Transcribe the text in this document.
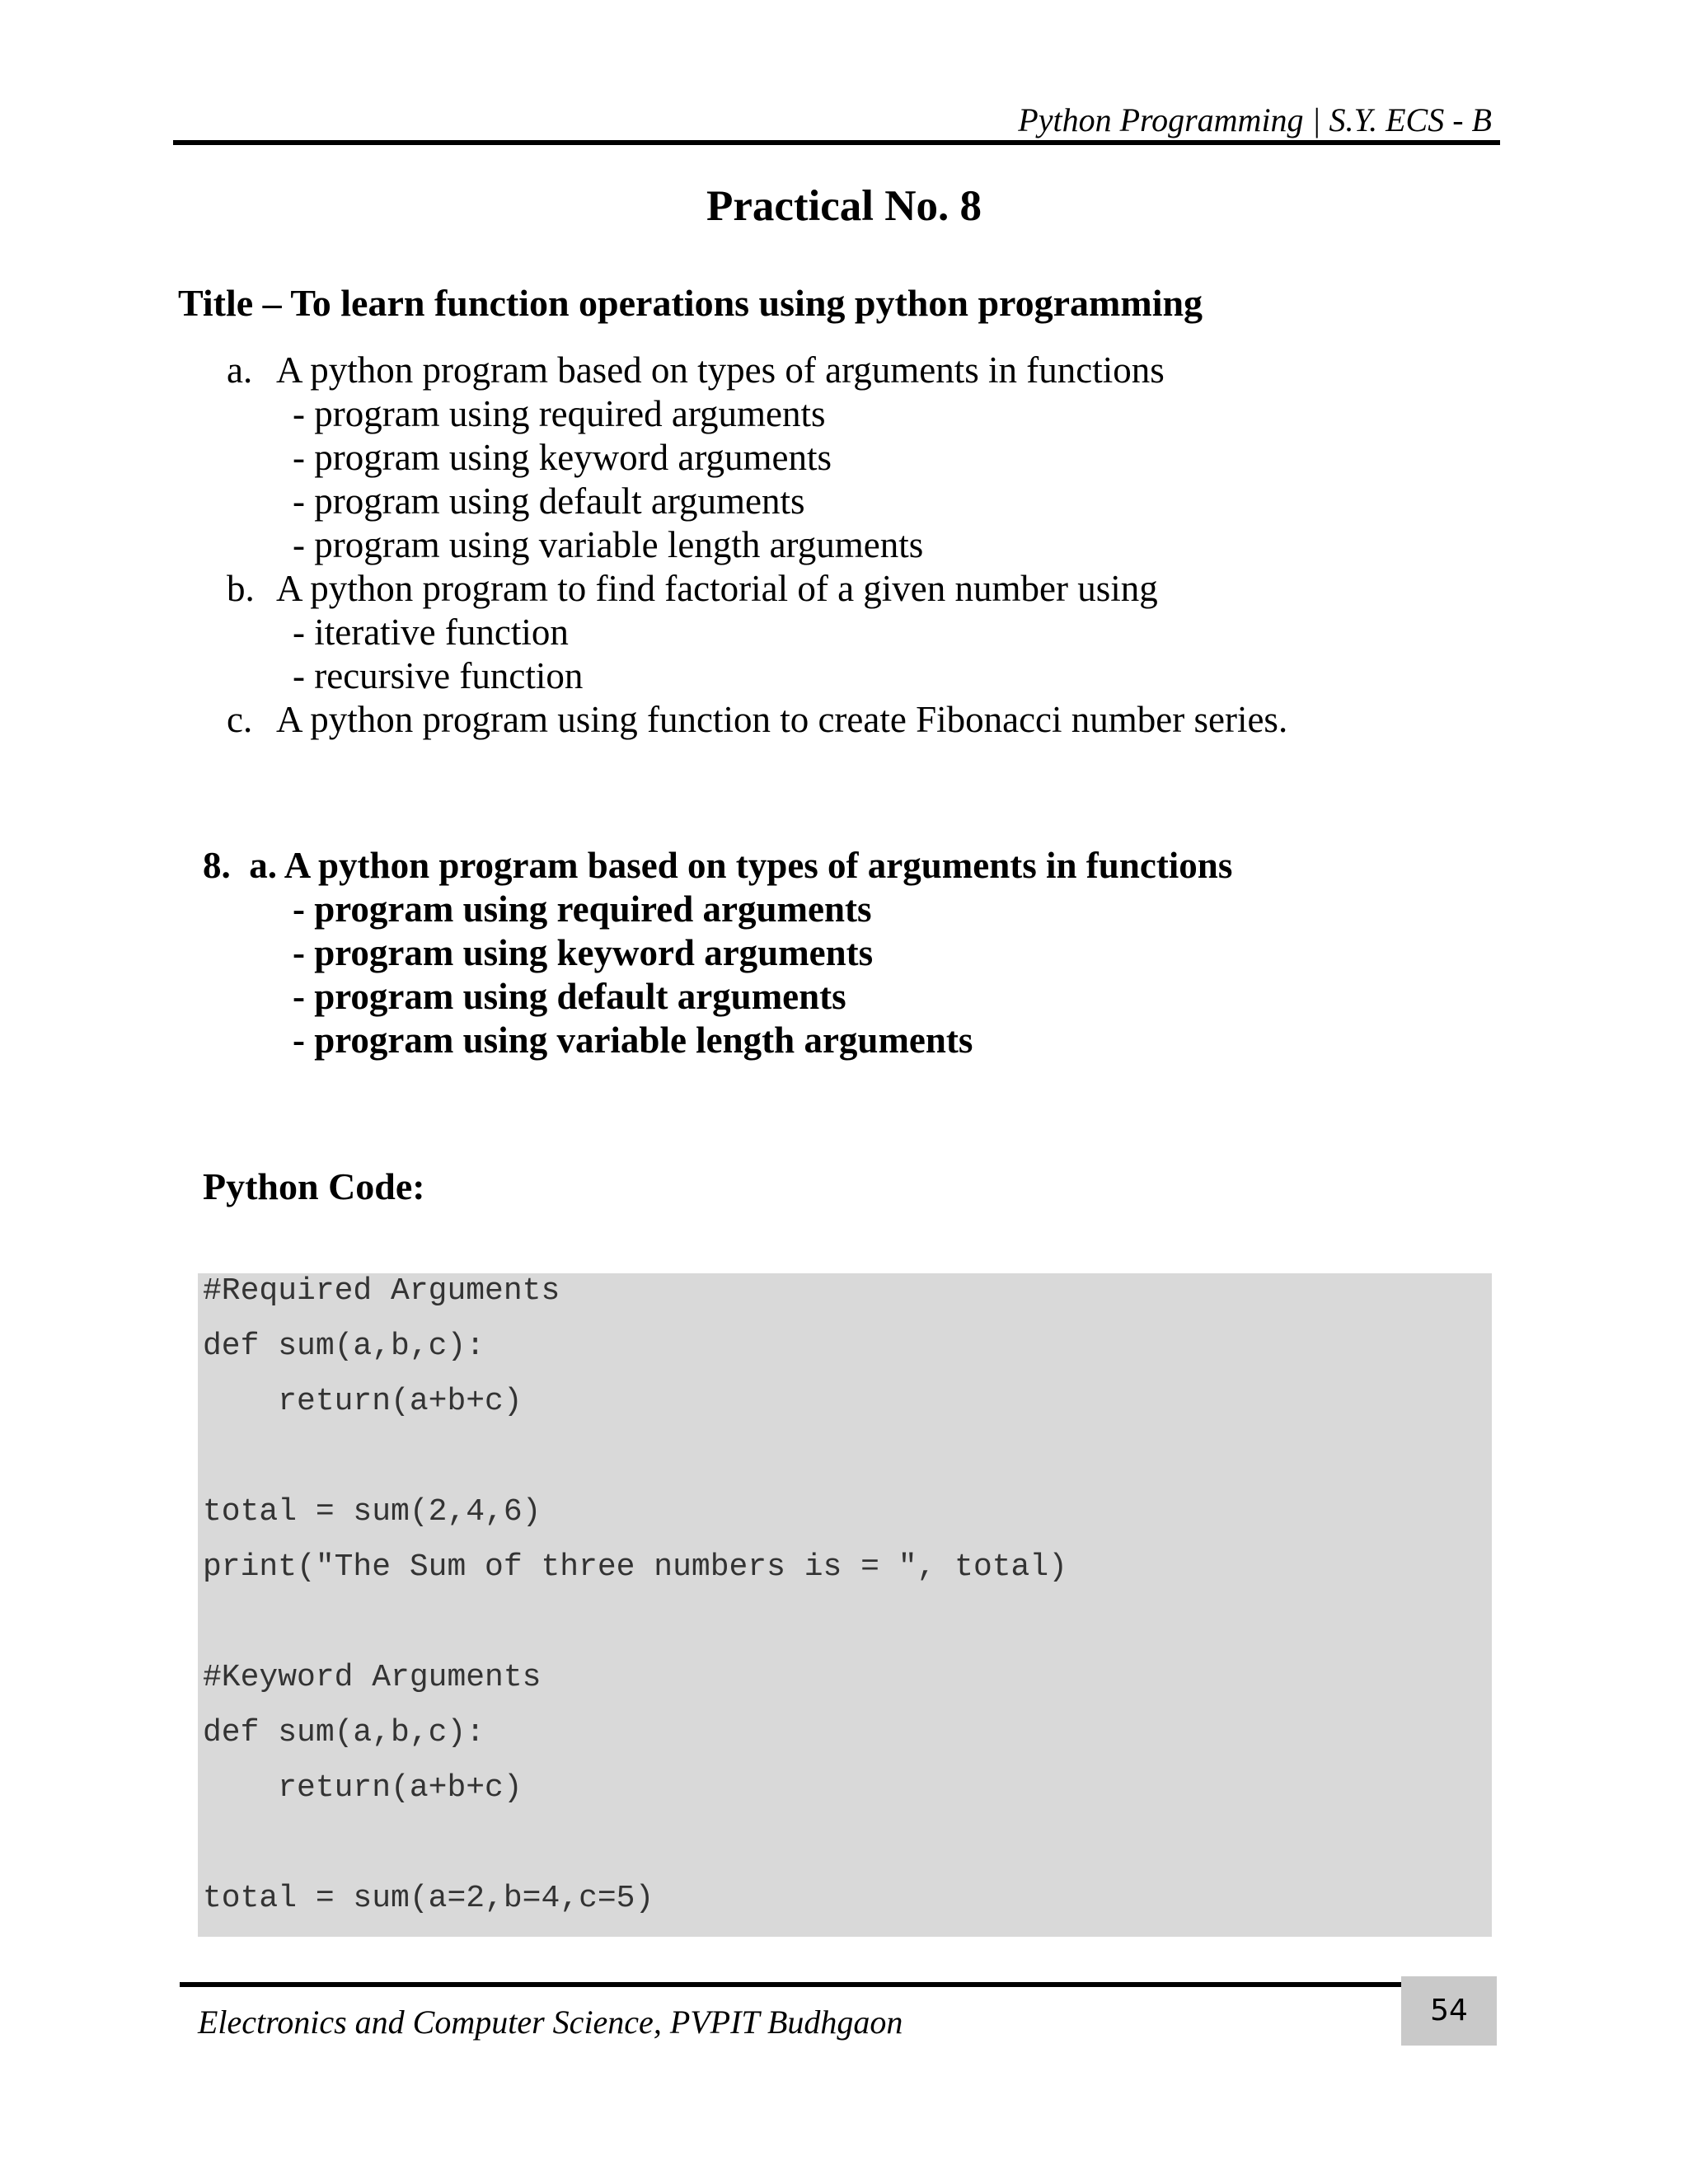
Python Programming | S.Y. ECS - B
Practical No. 8
Title – To learn function operations using python programming
a. A python program based on types of arguments in functions
- program using required arguments
- program using keyword arguments
- program using default arguments
- program using variable length arguments
b. A python program to find factorial of a given number using
- iterative function
- recursive function
c. A python program using function to create Fibonacci number series.
8.  a. A python program based on types of arguments in functions
- program using required arguments
- program using keyword arguments
- program using default arguments
- program using variable length arguments
Python Code:
#Required Arguments
def sum(a,b,c):
return(a+b+c)
total = sum(2,4,6)
print("The Sum of three numbers is = ", total)
#Keyword Arguments
def sum(a,b,c):
return(a+b+c)
total = sum(a=2,b=4,c=5)
Electronics and Computer Science, PVPIT Budhgaon	54
